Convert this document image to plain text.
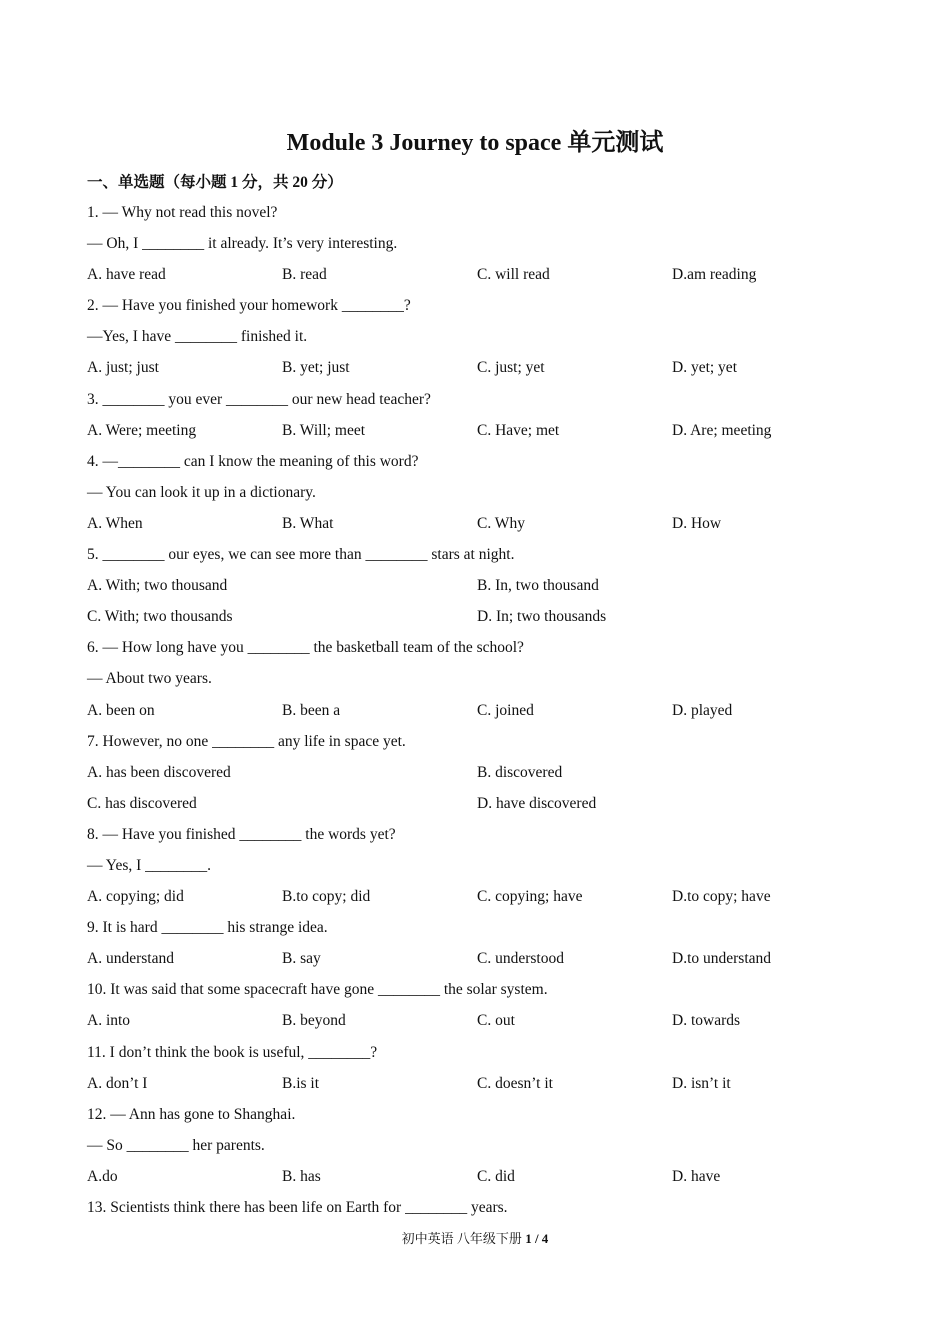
Module 3 Journey to space 单元测试
一、单选题（每小题 1 分，共 20 分）
1. — Why not read this novel?
— Oh, I ________ it already. It’s very interesting.
A. have read	B. read	C. will read	D.am reading
2. — Have you finished your homework ________?
—Yes, I have ________ finished it.
A. just; just	B. yet; just	C. just; yet	D. yet; yet
3. ________ you ever ________ our new head teacher?
A. Were; meeting	B. Will; meet	C. Have; met	D. Are; meeting
4. —________ can I know the meaning of this word?
— You can look it up in a dictionary.
A. When	B. What	C. Why	D. How
5. ________ our eyes, we can see more than ________ stars at night.
A. With; two thousand	B. In, two thousand
C. With; two thousands	D. In; two thousands
6. — How long have you ________ the basketball team of the school?
— About two years.
A. been on	B. been a	C. joined	D. played
7. However, no one ________ any life in space yet.
A. has been discovered	B. discovered
C. has discovered	D. have discovered
8. — Have you finished ________ the words yet?
— Yes, I ________.
A. copying; did	B.to copy; did	C. copying; have	D.to copy; have
9. It is hard ________ his strange idea.
A. understand	B. say	C. understood	D.to understand
10. It was said that some spacecraft have gone ________ the solar system.
A. into	B. beyond	C. out	D. towards
11. I don’t think the book is useful, ________?
A. don’t I	B.is it	C. doesn’t it	D. isn’t it
12. — Ann has gone to Shanghai.
— So ________ her parents.
A.do	B. has	C. did	D. have
13. Scientists think there has been life on Earth for ________ years.
初中英语 八年级下册 1 / 4
